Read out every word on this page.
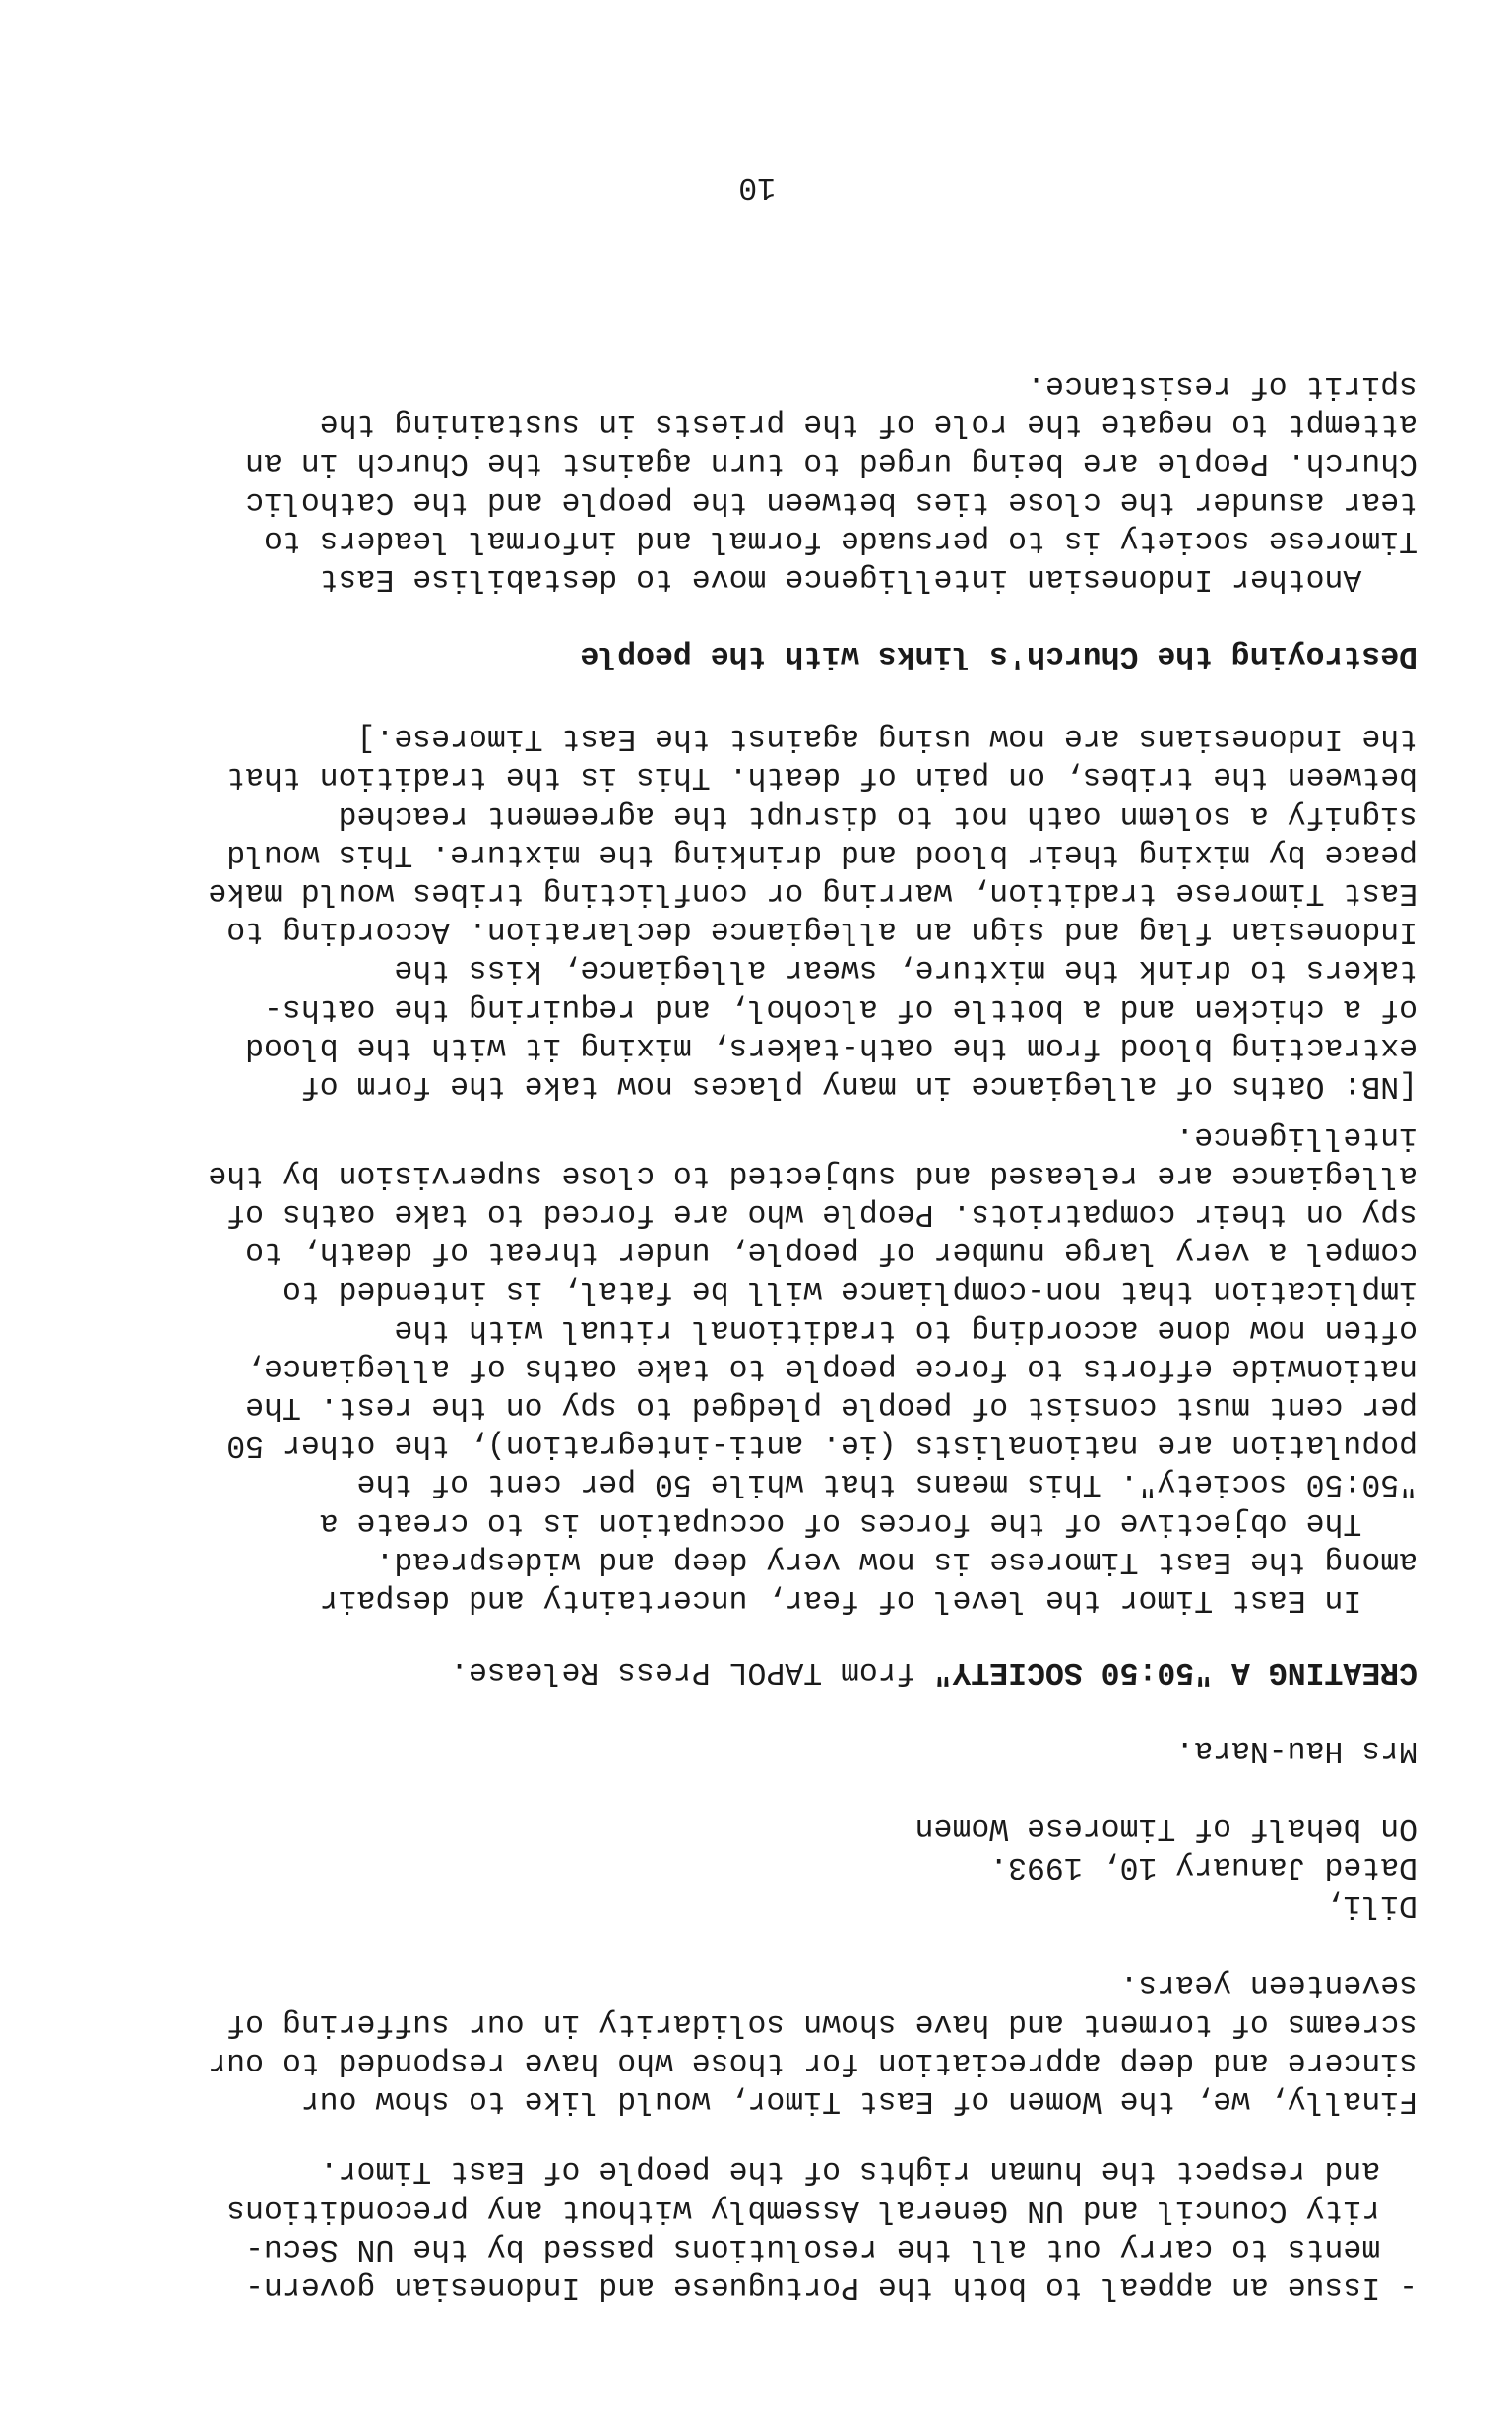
- Issue an appeal to both the Portuguese and Indonesian govern-
ments to carry out all the resolutions passed by the UN Secu-
rity Council and UN General Assembly without any preconditions
and respect the human rights of the people of East Timor.
Finally, we, the Women of East Timor, would like to show our
sincere and deep appreciation for those who have responded to our
screams of torment and have shown solidarity in our suffering of
seventeen years.
Dili,
Dated January 10, 1993.
On behalf of Timorese Women

Mrs Hau-Nara.
CREATING A "50:50 SOCIETY" from TAPOL Press Release.
In East Timor the level of fear, uncertainty and despair
among the East Timorese is now very deep and widespread.
The objective of the forces of occupation is to create a
"50:50 society". This means that while 50 per cent of the
population are nationalists (ie. anti-integration), the other 50
per cent must consist of people pledged to spy on the rest. The
nationwide efforts to force people to take oaths of allegiance,
often now done according to traditional ritual with the
implication that non-compliance will be fatal, is intended to
compel a very large number of people, under threat of death, to
spy on their compatriots. People who are forced to take oaths of
allegiance are released and subjected to close supervision by the
intelligence.
[NB: Oaths of allegiance in many places now take the form of
extracting blood from the oath-takers, mixing it with the blood
of a chicken and a bottle of alcohol, and requiring the oaths-
takers to drink the mixture, swear allegiance, kiss the
Indonesian flag and sign an allegiance declaration. According to
East Timorese tradition, warring or conflicting tribes would make
peace by mixing their blood and drinking the mixture. This would
signify a solemn oath not to disrupt the agreement reached
between the tribes, on pain of death. This is the tradition that
the Indonesians are now using against the East Timorese.]
Destroying the Church's links with the people
Another Indonesian intelligence move to destabilise East
Timorese society is to persuade formal and informal leaders to
tear asunder the close ties between the people and the Catholic
Church. People are being urged to turn against the Church in an
attempt to negate the role of the priests in sustaining the
spirit of resistance.
10
